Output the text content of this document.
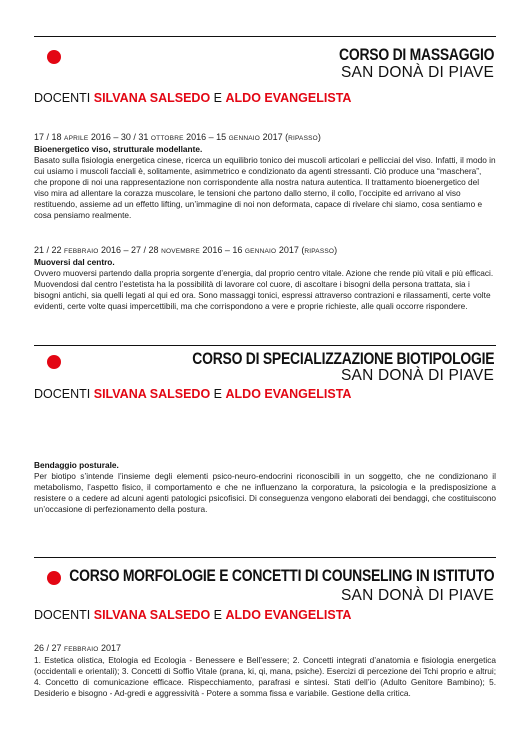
CORSO DI MASSAGGIO
SAN DONÀ DI PIAVE
DOCENTI SILVANA SALSEDO E ALDO EVANGELISTA
17 / 18 APRILE 2016 – 30 / 31 OTTOBRE 2016 – 15 GENNAIO 2017 (RIPASSO)
Bioenergetico viso, strutturale modellante.

Basato sulla fisiologia energetica cinese, ricerca un equilibrio tonico dei muscoli articolari e pellicciai del viso. Infatti, il modo in cui usiamo i muscoli facciali è, solitamente, asimmetrico e condizionato da agenti stressanti. Ciò produce una “maschera”, che propone di noi una rappresentazione non corrispondente alla nostra natura autentica. Il trattamento bioenergetico del viso mira ad allentare la corazza muscolare, le tensioni che partono dallo sterno, il collo, l’occipite ed arrivano al viso restituendo, assieme ad un effetto lifting, un’immagine di noi non deformata, capace di rivelare chi siamo, cosa sentiamo e cosa pensiamo realmente.

21 / 22 FEBBRAIO 2016 – 27 / 28 NOVEMBRE 2016 – 16 GENNAIO 2017 (RIPASSO)
Muoversi dal centro.

Ovvero muoversi partendo dalla propria sorgente d’energia, dal proprio centro vitale. Azione che rende più vitali e più efficaci. Muovendosi dal centro l’estetista ha la possibilità di lavorare col cuore, di ascoltare i bisogni della persona trattata, sia i bisogni antichi, sia quelli legati al qui ed ora. Sono massaggi tonici, espressi attraverso contrazioni e rilassamenti, certe volte evidenti, certe volte quasi impercettibili, ma che corrispondono a vere e proprie richieste, alle quali occorre rispondere.

CORSO DI SPECIALIZZAZIONE BIOTIPOLOGIE
SAN DONÀ DI PIAVE
DOCENTI SILVANA SALSEDO E ALDO EVANGELISTA
Bendaggio posturale.

Per biotipo s’intende l’insieme degli elementi psico-neuro-endocrini riconoscibili in un soggetto, che ne condizionano il metabolismo, l’aspetto fisico, il comportamento e che ne influenzano la corporatura, la psicologia e la predisposizione a resistere o a cedere ad alcuni agenti patologici psicofisici. Di conseguenza vengono elaborati dei bendaggi, che costituiscono un’occasione di perfezionamento della postura.

CORSO MORFOLOGIE E CONCETTI DI COUNSELING IN ISTITUTO
SAN DONÀ DI PIAVE
DOCENTI SILVANA SALSEDO E ALDO EVANGELISTA
26 / 27 FEBBRAIO 2017

1. Estetica olistica, Etologia ed Ecologia - Benessere e Bell’essere; 2. Concetti integrati d’anatomia e fisiologia energetica (occidentali e orientali); 3. Concetti di Soffio Vitale (prana, ki, qi, mana, psiche). Esercizi di percezione dei Tchi proprio e altrui; 4. Concetto di comunicazione efficace. Rispecchiamento, parafrasi e sintesi. Stati dell’io (Adulto Genitore Bambino); 5. Desiderio e bisogno - Ad-gredi e aggressività - Potere a somma fissa e variabile. Gestione della critica.
